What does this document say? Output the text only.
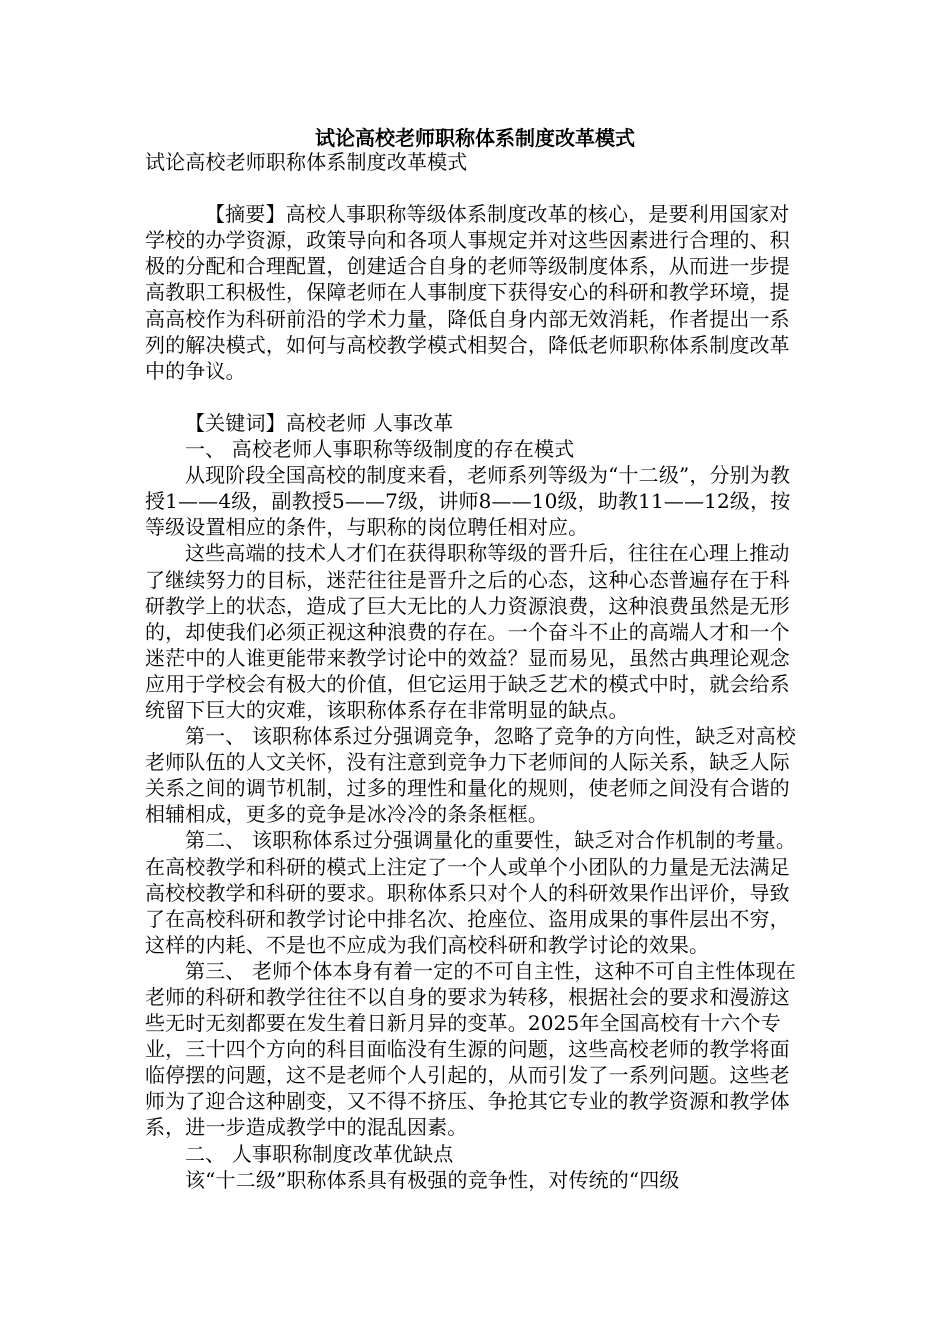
试论高校老师职称体系制度改革模式

试论高校老师职称体系制度改革模式

【摘要】高校人事职称等级体系制度改革的核心，是要利用国家对学校的办学资源，政策导向和各项人事规定并对这些因素进行合理的、积极的分配和合理配置，创建适合自身的老师等级制度体系，从而进一步提高教职工积极性，保障老师在人事制度下获得安心的科研和教学环境，提高高校作为科研前沿的学术力量，降低自身内部无效消耗，作者提出一系列的解决模式，如何与高校教学模式相契合，降低老师职称体系制度改革中的争议。

【关键词】高校老师 人事改革

一、 高校老师人事职称等级制度的存在模式

从现阶段全国高校的制度来看，老师系列等级为“十二级”，分别为教授1——4级，副教授5——7级，讲师8——10级，助教11——12级，按等级设置相应的条件，与职称的岗位聘任相对应。

这些高端的技术人才们在获得职称等级的晋升后，往往在心理上推动了继续努力的目标，迷茫往往是晋升之后的心态，这种心态普遍存在于科研教学上的状态，造成了巨大无比的人力资源浪费，这种浪费虽然是无形的，却使我们必须正视这种浪费的存在。一个奋斗不止的高端人才和一个迷茫中的人谁更能带来教学讨论中的效益？显而易见，虽然古典理论观念应用于学校会有极大的价值，但它运用于缺乏艺术的模式中时，就会给系统留下巨大的灾难，该职称体系存在非常明显的缺点。

第一、 该职称体系过分强调竞争，忽略了竞争的方向性，缺乏对高校老师队伍的人文关怀，没有注意到竞争力下老师间的人际关系，缺乏人际关系之间的调节机制，过多的理性和量化的规则，使老师之间没有合谐的相辅相成，更多的竞争是冰冷冷的条条框框。

第二、 该职称体系过分强调量化的重要性，缺乏对合作机制的考量。在高校教学和科研的模式上注定了一个人或单个小团队的力量是无法满足高校校教学和科研的要求。职称体系只对个人的科研效果作出评价，导致了在高校科研和教学讨论中排名次、抢座位、盗用成果的事件层出不穷，这样的内耗、不是也不应成为我们高校科研和教学讨论的效果。

第三、 老师个体本身有着一定的不可自主性，这种不可自主性体现在老师的科研和教学往往不以自身的要求为转移，根据社会的要求和漫游这些无时无刻都要在发生着日新月异的变革。2025年全国高校有十六个专业，三十四个方向的科目面临没有生源的问题，这些高校老师的教学将面临停摆的问题，这不是老师个人引起的，从而引发了一系列问题。这些老师为了迎合这种剧变，又不得不挤压、争抢其它专业的教学资源和教学体系，进一步造成教学中的混乱因素。

二、 人事职称制度改革优缺点

该“十二级”职称体系具有极强的竞争性，对传统的“四级
